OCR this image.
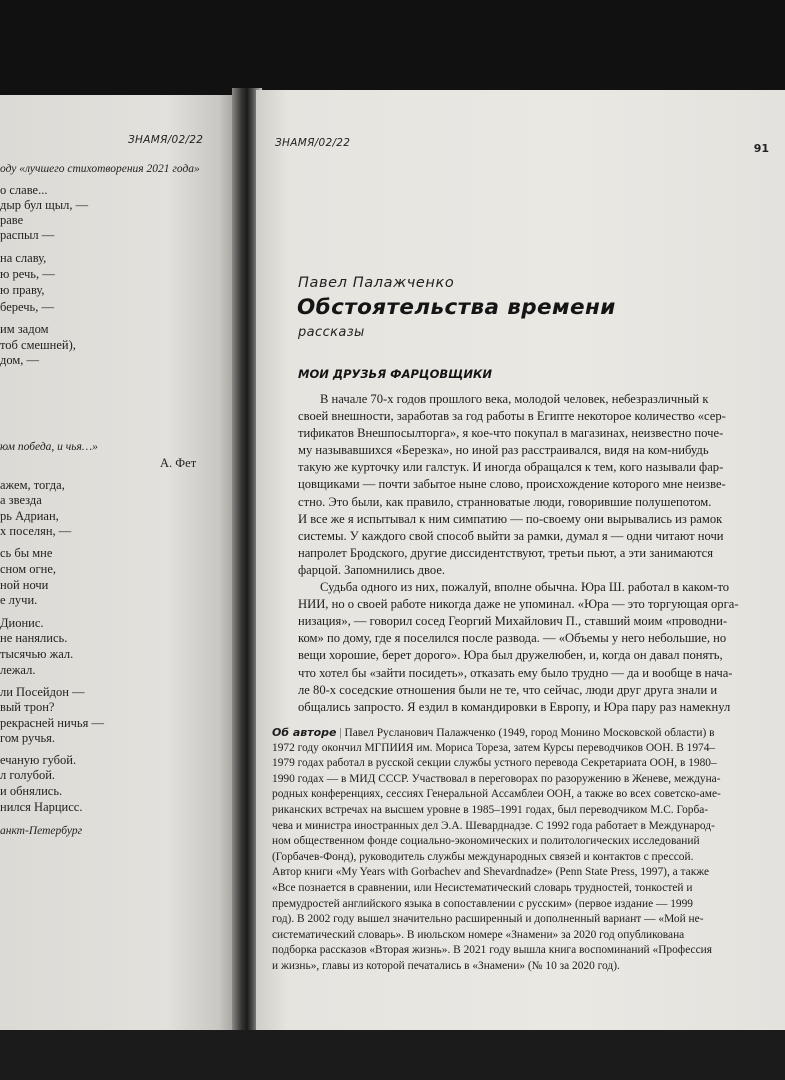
ЗНАМЯ/02/22
оду «лучшего стихотворения 2021 года»
о славе...
дыр бул щыл, —
раве
распыл —
на славу,
ю речь, —
ю праву,
беречь, —
им задом
тоб смешней),
дом, —
юм победа, и чья…»
А. Фет
ажем, тогда,
а звезда
рь Адриан,
х поселян, —
сь бы мне
сном огне,
ной ночи
е лучи.
Дионис.
не нанялись.
тысячью жал.
лежал.
ли Посейдон —
вый трон?
рекрасней ничья —
гом ручья.
ечаную губой.
л голубой.
и обнялись.
нился Нарцисс.
анкт-Петербург
ЗНАМЯ/02/22	91
Павел Палажченко
Обстоятельства времени
рассказы
МОИ ДРУЗЬЯ ФАРЦОВЩИКИ
В начале 70-х годов прошлого века, молодой человек, небезразличный к
своей внешности, заработав за год работы в Египте некоторое количество «сер-
тификатов Внешпосылторга», я кое-что покупал в магазинах, неизвестно поче-
му называвшихся «Березка», но иной раз расстраивался, видя на ком-нибудь
такую же курточку или галстук. И иногда обращался к тем, кого называли фар-
цовщиками — почти забытое ныне слово, происхождение которого мне неизве-
стно. Это были, как правило, странноватые люди, говорившие полушепотом.
И все же я испытывал к ним симпатию — по-своему они вырывались из рамок
системы. У каждого свой способ выйти за рамки, думал я — одни читают ночи
напролет Бродского, другие диссидентствуют, третьи пьют, а эти занимаются
фарцой. Запомнились двое.
Судьба одного из них, пожалуй, вполне обычна. Юра Ш. работал в каком-то
НИИ, но о своей работе никогда даже не упоминал. «Юра — это торгующая орга-
низация», — говорил сосед Георгий Михайлович П., ставший моим «проводни-
ком» по дому, где я поселился после развода. — «Объемы у него небольшие, но
вещи хорошие, берет дорого». Юра был дружелюбен, и, когда он давал понять,
что хотел бы «зайти посидеть», отказать ему было трудно — да и вообще в нача-
ле 80-х соседские отношения были не те, что сейчас, люди друг друга знали и
общались запросто. Я ездил в командировки в Европу, и Юра пару раз намекнул
Об авторе | Павел Русланович Палажченко (1949, город Монино Московской области) в
1972 году окончил МГПИИЯ им. Мориса Тореза, затем Курсы переводчиков ООН. В 1974–
1979 годах работал в русской секции службы устного перевода Секретариата ООН, в 1980–
1990 годах — в МИД СССР. Участвовал в переговорах по разоружению в Женеве, междуна-
родных конференциях, сессиях Генеральной Ассамблеи ООН, а также во всех советско-аме-
риканских встречах на высшем уровне в 1985–1991 годах, был переводчиком М.С. Горба-
чева и министра иностранных дел Э.А. Шеварднадзе. С 1992 года работает в Международ-
ном общественном фонде социально-экономических и политологических исследований
(Горбачев-Фонд), руководитель службы международных связей и контактов с прессой.
Автор книги «My Years with Gorbachev and Shevardnadze» (Penn State Press, 1997), а также
«Все познается в сравнении, или Несистематический словарь трудностей, тонкостей и
премудростей английского языка в сопоставлении с русским» (первое издание — 1999
год). В 2002 году вышел значительно расширенный и дополненный вариант — «Мой не-
систематический словарь». В июльском номере «Знамени» за 2020 год опубликована
подборка рассказов «Вторая жизнь». В 2021 году вышла книга воспоминаний «Профессия
и жизнь», главы из которой печатались в «Знамени» (№ 10 за 2020 год).
